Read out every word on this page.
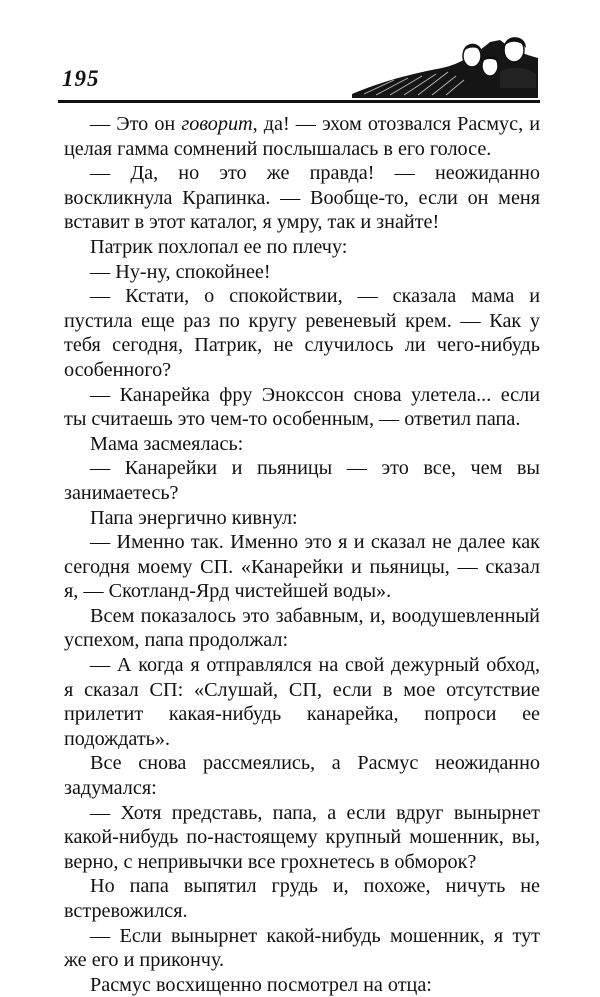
195

— Это он говорит, да! — эхом отозвался Расмус, и целая гамма сомнений послышалась в его голосе.

— Да, но это же правда! — неожиданно воскликнула Крапинка. — Вообще-то, если он меня вставит в этот каталог, я умру, так и знайте!

Патрик похлопал ее по плечу:

— Ну-ну, спокойнее!

— Кстати, о спокойствии, — сказала мама и пустила еще раз по кругу ревеневый крем. — Как у тебя сегодня, Патрик, не случилось ли чего-нибудь особенного?

— Канарейка фру Энокссон снова улетела... если ты считаешь это чем-то особенным, — ответил папа.

Мама засмеялась:

— Канарейки и пьяницы — это все, чем вы занимаетесь?

Папа энергично кивнул:

— Именно так. Именно это я и сказал не далее как сегодня моему СП. «Канарейки и пьяницы, — сказал я, — Скотланд-Ярд чистейшей воды».

Всем показалось это забавным, и, воодушевленный успехом, папа продолжал:

— А когда я отправлялся на свой дежурный обход, я сказал СП: «Слушай, СП, если в мое отсутствие прилетит какая-нибудь канарейка, попроси ее подождать».

Все снова рассмеялись, а Расмус неожиданно задумался:

— Хотя представь, папа, а если вдруг вынырнет какой-нибудь по-настоящему крупный мошенник, вы, верно, с непривычки все грохнетесь в обморок?

Но папа выпятил грудь и, похоже, ничуть не встревожился.

— Если вынырнет какой-нибудь мошенник, я тут же его и прикончу.

Расмус восхищенно посмотрел на отца:
